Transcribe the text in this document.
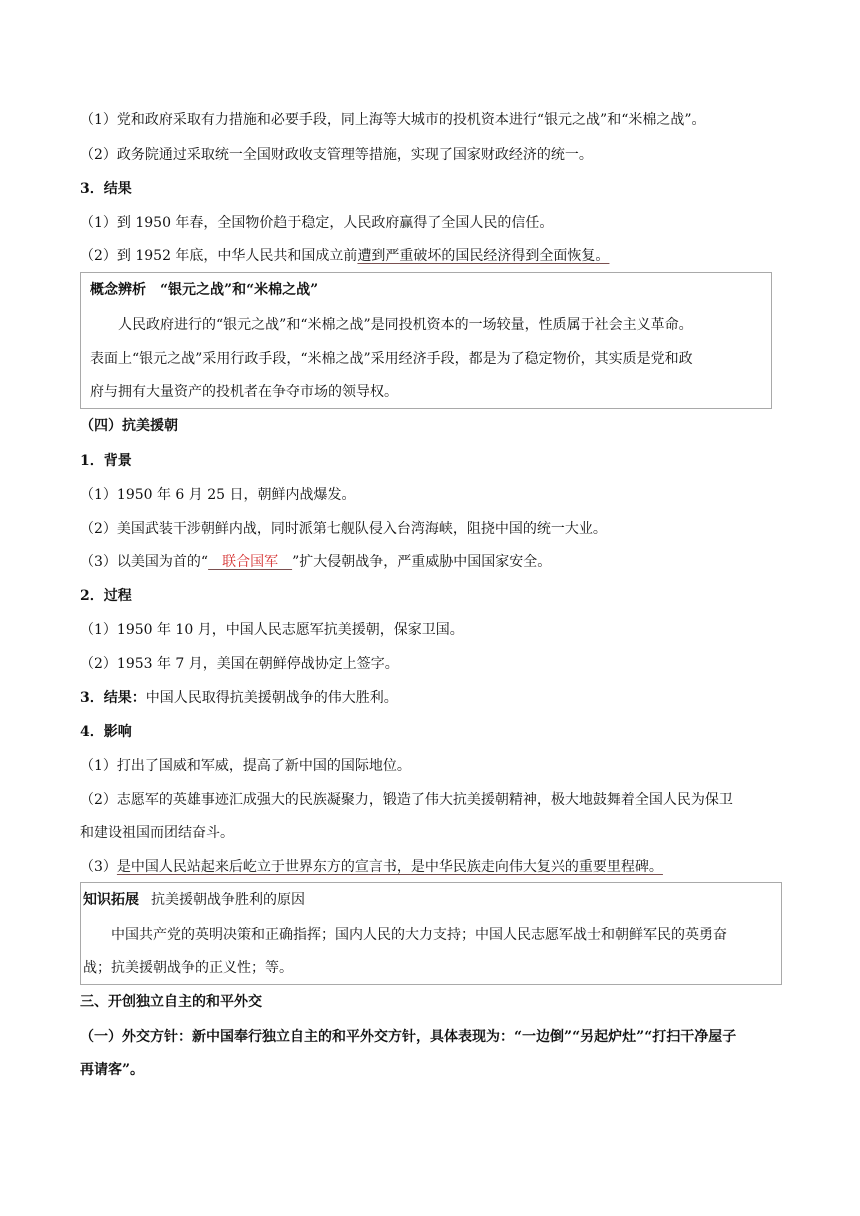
（1）党和政府采取有力措施和必要手段，同上海等大城市的投机资本进行“银元之战”和“米棉之战”。
（2）政务院通过采取统一全国财政收支管理等措施，实现了国家财政经济的统一。
3．结果
（1）到 1950 年春，全国物价趋于稳定，人民政府赢得了全国人民的信任。
（2）到 1952 年底，中华人民共和国成立前遭到严重破坏的国民经济得到全面恢复。
概念辨析　“银元之战”和“米棉之战”
人民政府进行的“银元之战”和“米棉之战”是同投机资本的一场较量，性质属于社会主义革命。
表面上“银元之战”采用行政手段，“米棉之战”采用经济手段，都是为了稳定物价，其实质是党和政
府与拥有大量资产的投机者在争夺市场的领导权。
（四）抗美援朝
1．背景
（1）1950 年 6 月 25 日，朝鲜内战爆发。
（2）美国武装干涉朝鲜内战，同时派第七舰队侵入台湾海峡，阻挠中国的统一大业。
（3）以美国为首的“　联合国军　”扩大侵朝战争，严重威胁中国国家安全。
2．过程
（1）1950 年 10 月，中国人民志愿军抗美援朝，保家卫国。
（2）1953 年 7 月，美国在朝鲜停战协定上签字。
3．结果：中国人民取得抗美援朝战争的伟大胜利。
4．影响
（1）打出了国威和军威，提高了新中国的国际地位。
（2）志愿军的英雄事迹汇成强大的民族凝聚力，锻造了伟大抗美援朝精神，极大地鼓舞着全国人民为保卫
和建设祖国而团结奋斗。
（3）是中国人民站起来后屹立于世界东方的宣言书，是中华民族走向伟大复兴的重要里程碑。
知识拓展 抗美援朝战争胜利的原因
中国共产党的英明决策和正确指挥；国内人民的大力支持；中国人民志愿军战士和朝鲜军民的英勇奋
战；抗美援朝战争的正义性；等。
三、开创独立自主的和平外交
（一）外交方针：新中国奉行独立自主的和平外交方针，具体表现为：“一边倒”“另起炉灶”“打扫干净屋子
再请客”。
